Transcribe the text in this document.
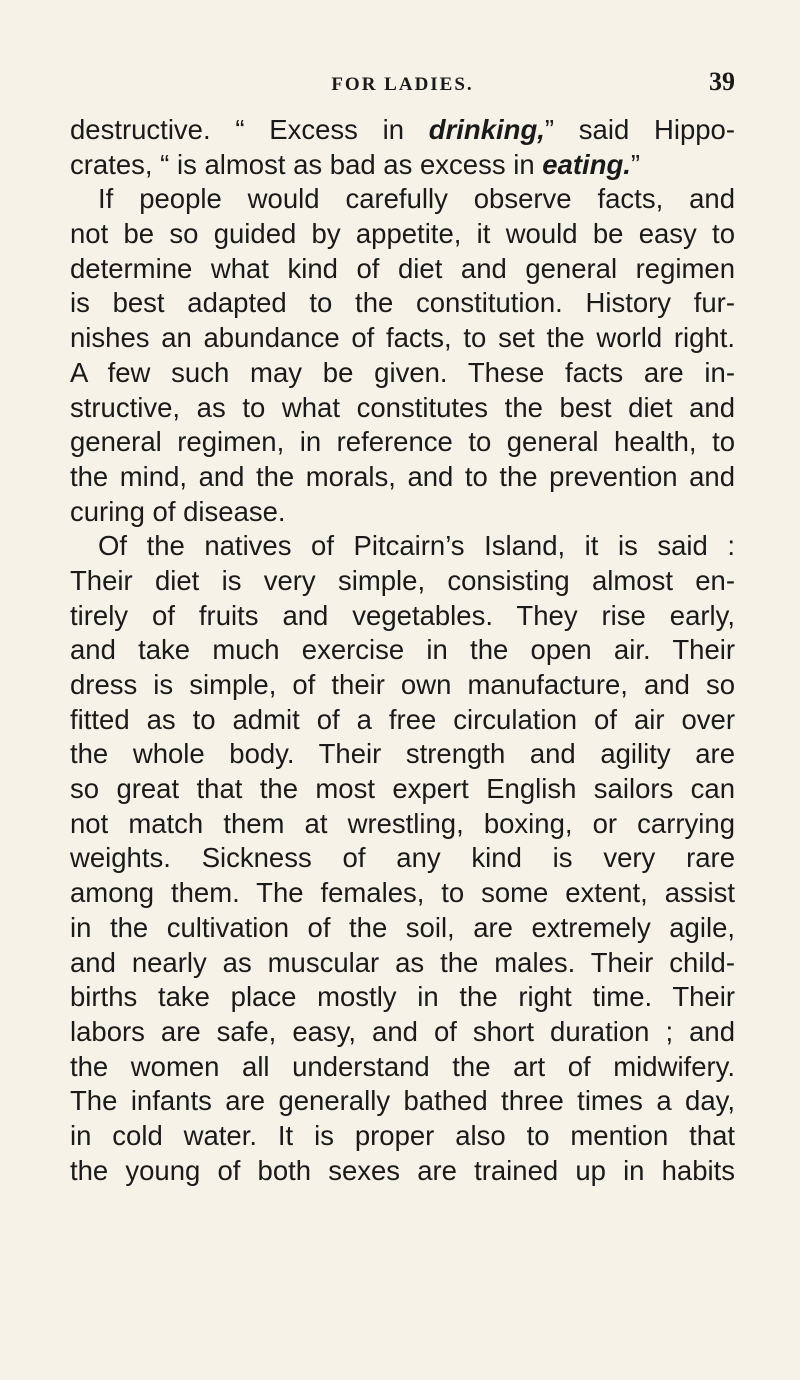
FOR LADIES.	39
destructive. “ Excess in drinking,” said Hippo-
crates, “ is almost as bad as excess in eating.”
If people would carefully observe facts, and
not be so guided by appetite, it would be easy to
determine what kind of diet and general regimen
is best adapted to the constitution. History fur-
nishes an abundance of facts, to set the world right.
A few such may be given. These facts are in-
structive, as to what constitutes the best diet and
general regimen, in reference to general health, to
the mind, and the morals, and to the prevention and
curing of disease.
Of the natives of Pitcairn’s Island, it is said :
Their diet is very simple, consisting almost en-
tirely of fruits and vegetables. They rise early,
and take much exercise in the open air. Their
dress is simple, of their own manufacture, and so
fitted as to admit of a free circulation of air over
the whole body. Their strength and agility are
so great that the most expert English sailors can
not match them at wrestling, boxing, or carrying
weights. Sickness of any kind is very rare
among them. The females, to some extent, assist
in the cultivation of the soil, are extremely agile,
and nearly as muscular as the males. Their child-
births take place mostly in the right time. Their
labors are safe, easy, and of short duration ; and
the women all understand the art of midwifery.
The infants are generally bathed three times a day,
in cold water. It is proper also to mention that
the young of both sexes are trained up in habits
